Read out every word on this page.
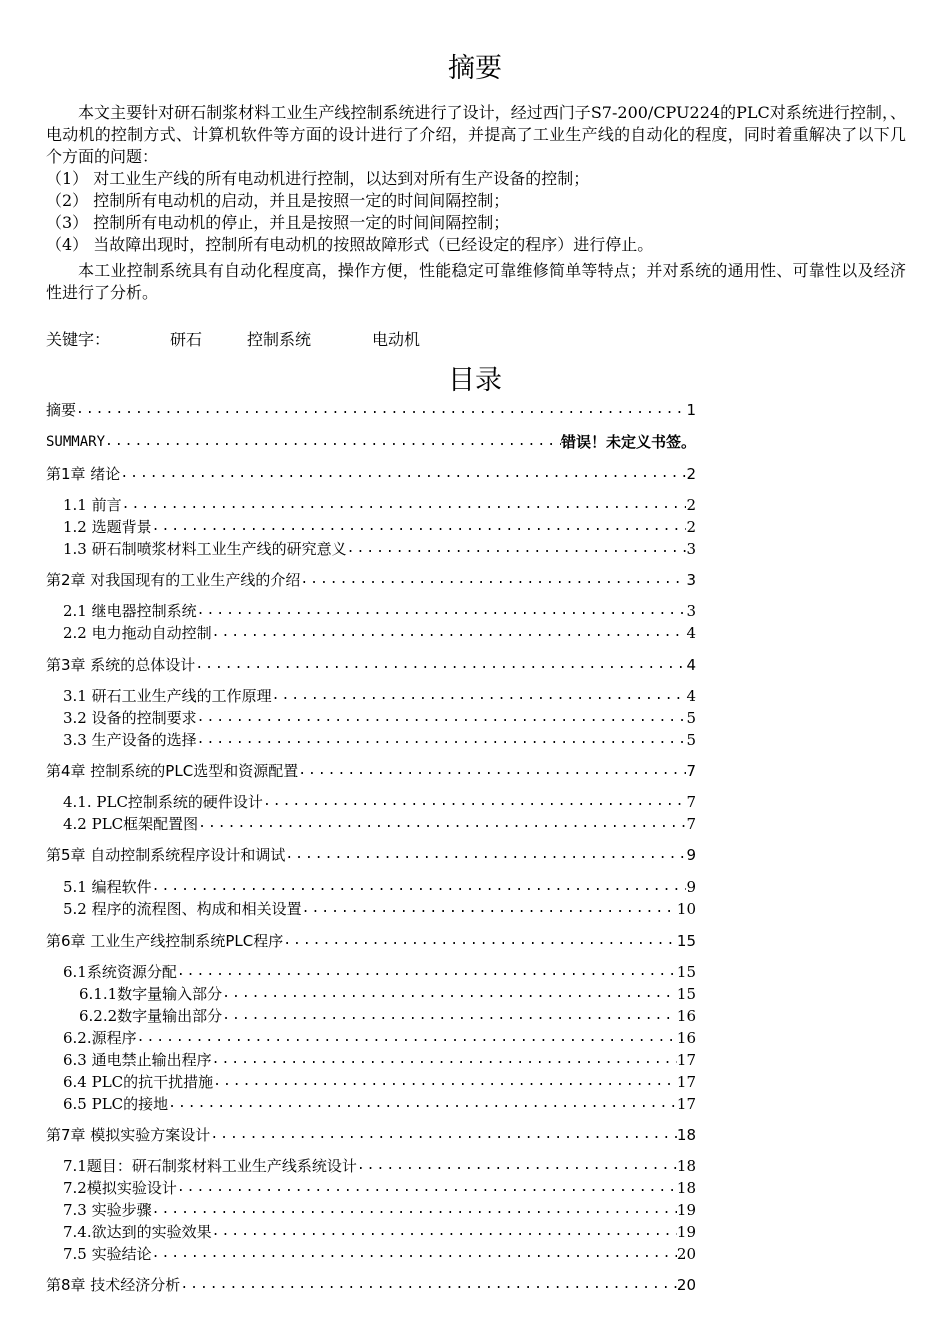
摘要
本文主要针对研石制浆材料工业生产线控制系统进行了设计，经过西门子S7-200/CPU224的PLC对系统进行控制，、电动机的控制方式、计算机软件等方面的设计进行了介绍，并提高了工业生产线的自动化的程度，同时着重解决了以下几个方面的问题：
（1） 对工业生产线的所有电动机进行控制，以达到对所有生产设备的控制；
（2） 控制所有电动机的启动，并且是按照一定的时间间隔控制；
（3） 控制所有电动机的停止，并且是按照一定的时间间隔控制；
（4） 当故障出现时，控制所有电动机的按照故障形式（已经设定的程序）进行停止。
本工业控制系统具有自动化程度高，操作方便，性能稳定可靠维修简单等特点；并对系统的通用性、可靠性以及经济性进行了分析。
关键字：	研石	控制系统	电动机
目录
摘要 .....	1
SUMMARY .....	错误！未定义书签。
第1章 绪论 .....	2
1.1 前言 .....	2
1.2 选题背景 .....	2
1.3 研石制喷浆材料工业生产线的研究意义 .....	3
第2章 对我国现有的工业生产线的介绍 .....	3
2.1 继电器控制系统 .....	3
2.2 电力拖动自动控制 .....	4
第3章 系统的总体设计 .....	4
3.1 研石工业生产线的工作原理 .....	4
3.2 设备的控制要求 .....	5
3.3 生产设备的选择 .....	5
第4章 控制系统的PLC选型和资源配置 .....	7
4.1. PLC控制系统的硬件设计 .....	7
4.2 PLC框架配置图 .....	7
第5章 自动控制系统程序设计和调试 .....	9
5.1 编程软件 .....	9
5.2 程序的流程图、构成和相关设置 .....	10
第6章 工业生产线控制系统PLC程序 .....	15
6.1系统资源分配 .....	15
6.1.1数字量输入部分 .....	15
6.2.2数字量输出部分 .....	16
6.2.源程序 .....	16
6.3 通电禁止输出程序 .....	17
6.4 PLC的抗干扰措施 .....	17
6.5 PLC的接地 .....	17
第7章 模拟实验方案设计 .....	18
7.1题目：研石制浆材料工业生产线系统设计 .....	18
7.2模拟实验设计 .....	18
7.3 实验步骤 .....	19
7.4.欲达到的实验效果 .....	19
7.5 实验结论 .....	20
第8章 技术经济分析 .....	20
